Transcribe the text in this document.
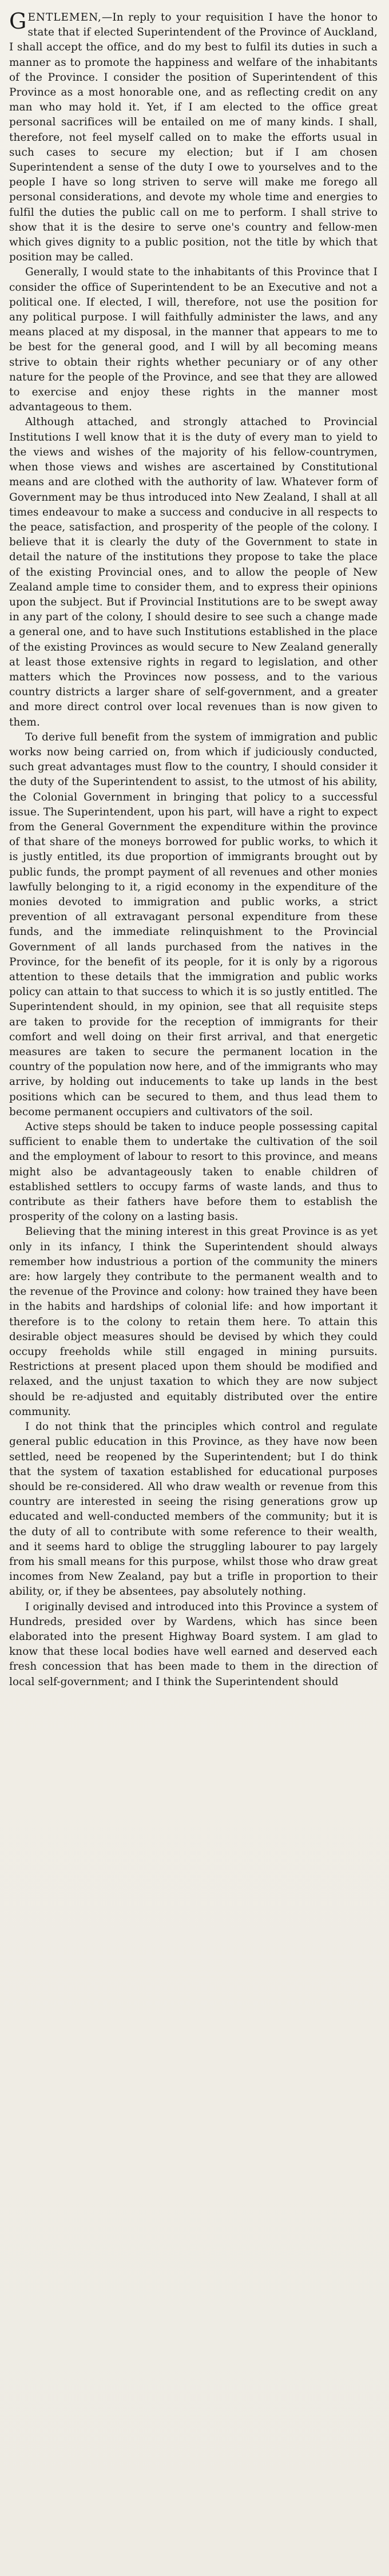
GENTLEMEN,—In reply to your requisition I have the honor to state that if elected Superintendent of the Province of Auckland, I shall accept the office, and do my best to fulfil its duties in such a manner as to promote the happiness and welfare of the inhabitants of the Province. I consider the position of Superintendent of this Province as a most honorable one, and as reflecting credit on any man who may hold it. Yet, if I am elected to the office great personal sacrifices will be entailed on me of many kinds. I shall, therefore, not feel myself called on to make the efforts usual in such cases to secure my election; but if I am chosen Superintendent a sense of the duty I owe to yourselves and to the people I have so long striven to serve will make me forego all personal considerations, and devote my whole time and energies to fulfil the duties the public call on me to perform. I shall strive to show that it is the desire to serve one's country and fellow-men which gives dignity to a public position, not the title by which that position may be called.

Generally, I would state to the inhabitants of this Province that I consider the office of Superintendent to be an Executive and not a political one. If elected, I will, therefore, not use the position for any political purpose. I will faithfully administer the laws, and any means placed at my disposal, in the manner that appears to me to be best for the general good, and I will by all becoming means strive to obtain their rights whether pecuniary or of any other nature for the people of the Province, and see that they are allowed to exercise and enjoy these rights in the manner most advantageous to them.

Although attached, and strongly attached to Provincial Institutions I well know that it is the duty of every man to yield to the views and wishes of the majority of his fellow-countrymen, when those views and wishes are ascertained by Constitutional means and are clothed with the authority of law. Whatever form of Government may be thus introduced into New Zealand, I shall at all times endeavour to make a success and conducive in all respects to the peace, satisfaction, and prosperity of the people of the colony. I believe that it is clearly the duty of the Government to state in detail the nature of the institutions they propose to take the place of the existing Provincial ones, and to allow the people of New Zealand ample time to consider them, and to express their opinions upon the subject. But if Provincial Institutions are to be swept away in any part of the colony, I should desire to see such a change made a general one, and to have such Institutions established in the place of the existing Provinces as would secure to New Zealand generally at least those extensive rights in regard to legislation, and other matters which the Provinces now possess, and to the various country districts a larger share of self-government, and a greater and more direct control over local revenues than is now given to them.

To derive full benefit from the system of immigration and public works now being carried on, from which if judiciously conducted, such great advantages must flow to the country, I should consider it the duty of the Superintendent to assist, to the utmost of his ability, the Colonial Government in bringing that policy to a successful issue. The Superintendent, upon his part, will have a right to expect from the General Government the expenditure within the province of that share of the moneys borrowed for public works, to which it is justly entitled, its due proportion of immigrants brought out by public funds, the prompt payment of all revenues and other monies lawfully belonging to it, a rigid economy in the expenditure of the monies devoted to immigration and public works, a strict prevention of all extravagant personal expenditure from these funds, and the immediate relinquishment to the Provincial Government of all lands purchased from the natives in the Province, for the benefit of its people, for it is only by a rigorous attention to these details that the immigration and public works policy can attain to that success to which it is so justly entitled. The Superintendent should, in my opinion, see that all requisite steps are taken to provide for the reception of immigrants for their comfort and well doing on their first arrival, and that energetic measures are taken to secure the permanent location in the country of the population now here, and of the immigrants who may arrive, by holding out inducements to take up lands in the best positions which can be secured to them, and thus lead them to become permanent occupiers and cultivators of the soil.

Active steps should be taken to induce people possessing capital sufficient to enable them to undertake the cultivation of the soil and the employment of labour to resort to this province, and means might also be advantageously taken to enable children of established settlers to occupy farms of waste lands, and thus to contribute as their fathers have before them to establish the prosperity of the colony on a lasting basis.

Believing that the mining interest in this great Province is as yet only in its infancy, I think the Superintendent should always remember how industrious a portion of the community the miners are: how largely they contribute to the permanent wealth and to the revenue of the Province and colony: how trained they have been in the habits and hardships of colonial life: and how important it therefore is to the colony to retain them here. To attain this desirable object measures should be devised by which they could occupy freeholds while still engaged in mining pursuits. Restrictions at present placed upon them should be modified and relaxed, and the unjust taxation to which they are now subject should be re-adjusted and equitably distributed over the entire community.

I do not think that the principles which control and regulate general public education in this Province, as they have now been settled, need be reopened by the Superintendent; but I do think that the system of taxation established for educational purposes should be re-considered. All who draw wealth or revenue from this country are interested in seeing the rising generations grow up educated and well-conducted members of the community; but it is the duty of all to contribute with some reference to their wealth, and it seems hard to oblige the struggling labourer to pay largely from his small means for this purpose, whilst those who draw great incomes from New Zealand, pay but a trifle in proportion to their ability, or, if they be absentees, pay absolutely nothing.

I originally devised and introduced into this Province a system of Hundreds, presided over by Wardens, which has since been elaborated into the present Highway Board system. I am glad to know that these local bodies have well earned and deserved each fresh concession that has been made to them in the direction of local self-government; and I think the Superintendent should
